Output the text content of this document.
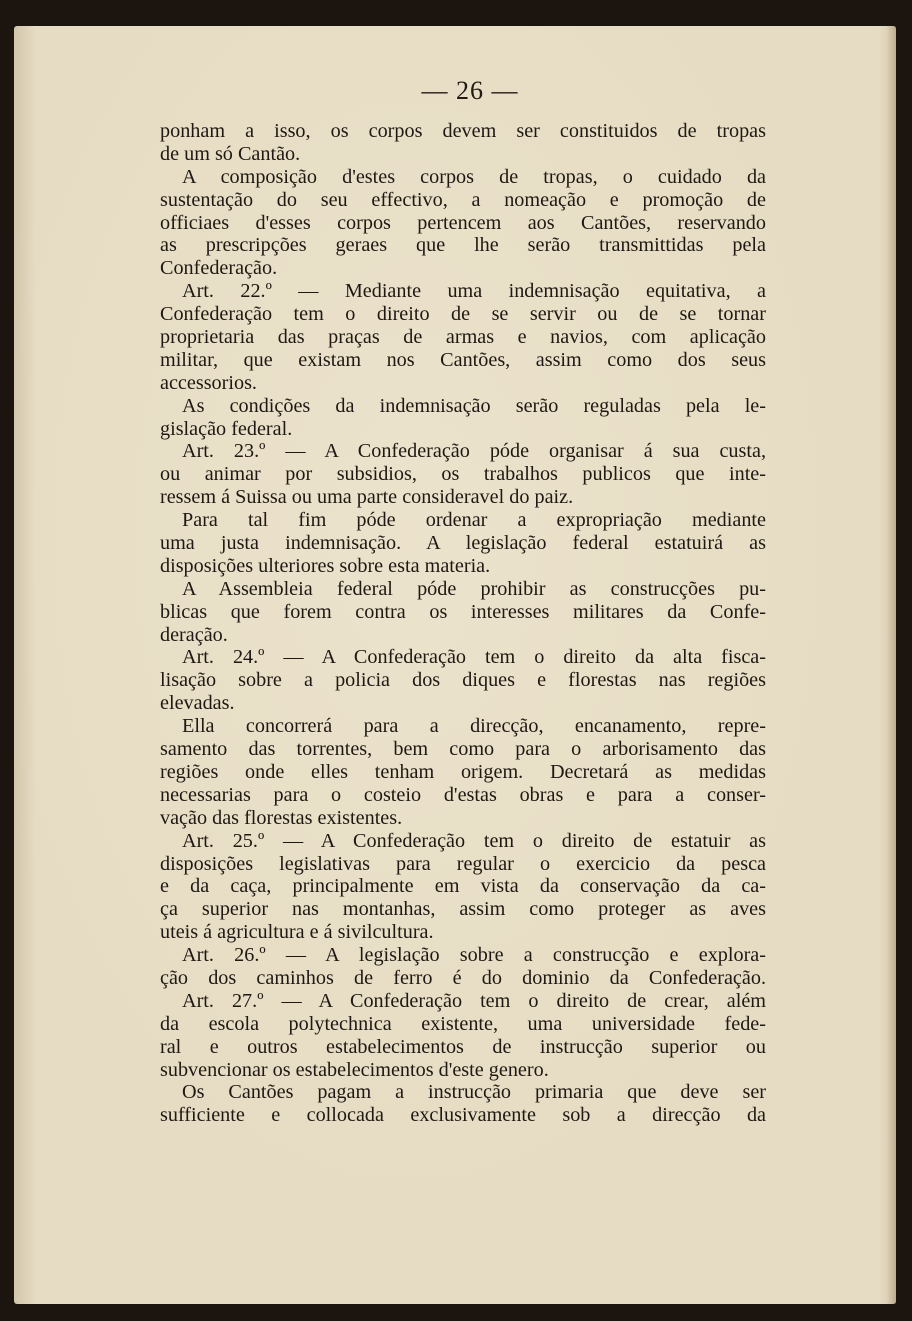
— 26 —
ponham a isso, os corpos devem ser constituidos de tropas
de um só Cantão.
A composição d'estes corpos de tropas, o cuidado da
sustentação do seu effectivo, a nomeação e promoção de
officiaes d'esses corpos pertencem aos Cantões, reservando
as prescripções geraes que lhe serão transmittidas pela
Confederação.
Art. 22.º — Mediante uma indemnisação equitativa, a
Confederação tem o direito de se servir ou de se tornar
proprietaria das praças de armas e navios, com aplicação
militar, que existam nos Cantões, assim como dos seus
accessorios.
As condições da indemnisação serão reguladas pela le-
gislação federal.
Art. 23.º — A Confederação póde organisar á sua custa,
ou animar por subsidios, os trabalhos publicos que inte-
ressem á Suissa ou uma parte consideravel do paiz.
Para tal fim póde ordenar a expropriação mediante
uma justa indemnisação. A legislação federal estatuirá as
disposições ulteriores sobre esta materia.
A Assembleia federal póde prohibir as construcções pu-
blicas que forem contra os interesses militares da Confe-
deração.
Art. 24.º — A Confederação tem o direito da alta fisca-
lisação sobre a policia dos diques e florestas nas regiões
elevadas.
Ella concorrerá para a direcção, encanamento, repre-
samento das torrentes, bem como para o arborisamento das
regiões onde elles tenham origem. Decretará as medidas
necessarias para o costeio d'estas obras e para a conser-
vação das florestas existentes.
Art. 25.º — A Confederação tem o direito de estatuir as
disposições legislativas para regular o exercicio da pesca
e da caça, principalmente em vista da conservação da ca-
ça superior nas montanhas, assim como proteger as aves
uteis á agricultura e á sivilcultura.
Art. 26.º — A legislação sobre a construcção e explora-
ção dos caminhos de ferro é do dominio da Confederação.
Art. 27.º — A Confederação tem o direito de crear, além
da escola polytechnica existente, uma universidade fede-
ral e outros estabelecimentos de instrucção superior ou
subvencionar os estabelecimentos d'este genero.
Os Cantões pagam a instrucção primaria que deve ser
sufficiente e collocada exclusivamente sob a direcção da
